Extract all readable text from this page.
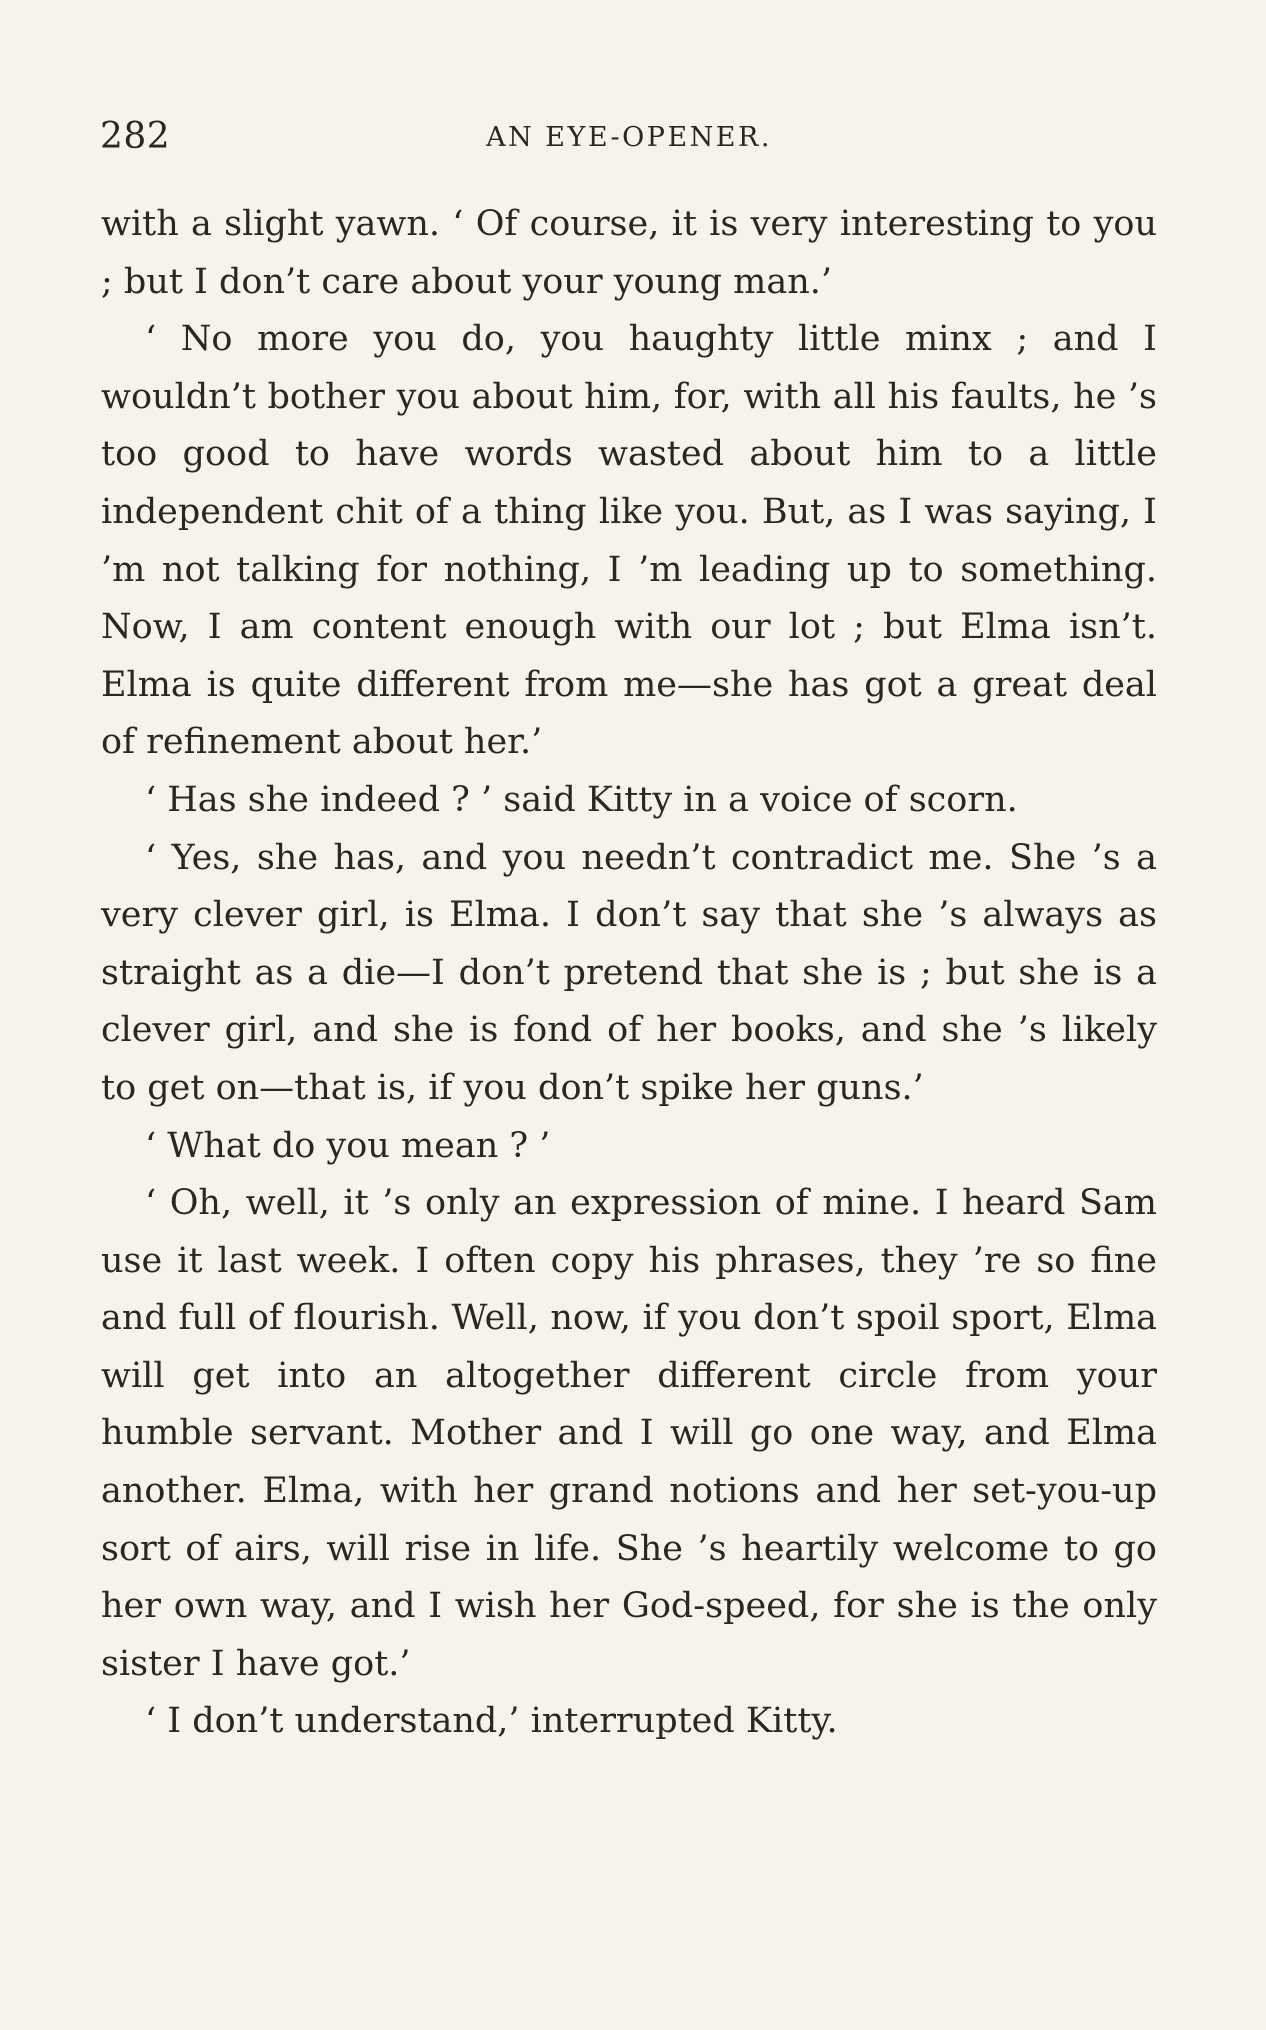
282	AN EYE-OPENER.

with a slight yawn. ‘ Of course, it is very interesting to you ; but I don’t care about your young man.’

‘ No more you do, you haughty little minx ; and I wouldn’t bother you about him, for, with all his faults, he ’s too good to have words wasted about him to a little independent chit of a thing like you. But, as I was saying, I ’m not talking for nothing, I ’m leading up to something. Now, I am content enough with our lot ; but Elma isn’t. Elma is quite different from me—she has got a great deal of refinement about her.’

‘ Has she indeed ? ’ said Kitty in a voice of scorn.

‘ Yes, she has, and you needn’t contradict me. She ’s a very clever girl, is Elma. I don’t say that she ’s always as straight as a die—I don’t pretend that she is ; but she is a clever girl, and she is fond of her books, and she ’s likely to get on—that is, if you don’t spike her guns.’

‘ What do you mean ? ’

‘ Oh, well, it ’s only an expression of mine. I heard Sam use it last week. I often copy his phrases, they ’re so fine and full of flourish. Well, now, if you don’t spoil sport, Elma will get into an altogether different circle from your humble servant. Mother and I will go one way, and Elma another. Elma, with her grand notions and her set-you-up sort of airs, will rise in life. She ’s heartily welcome to go her own way, and I wish her God-speed, for she is the only sister I have got.’

‘ I don’t understand,’ interrupted Kitty.
